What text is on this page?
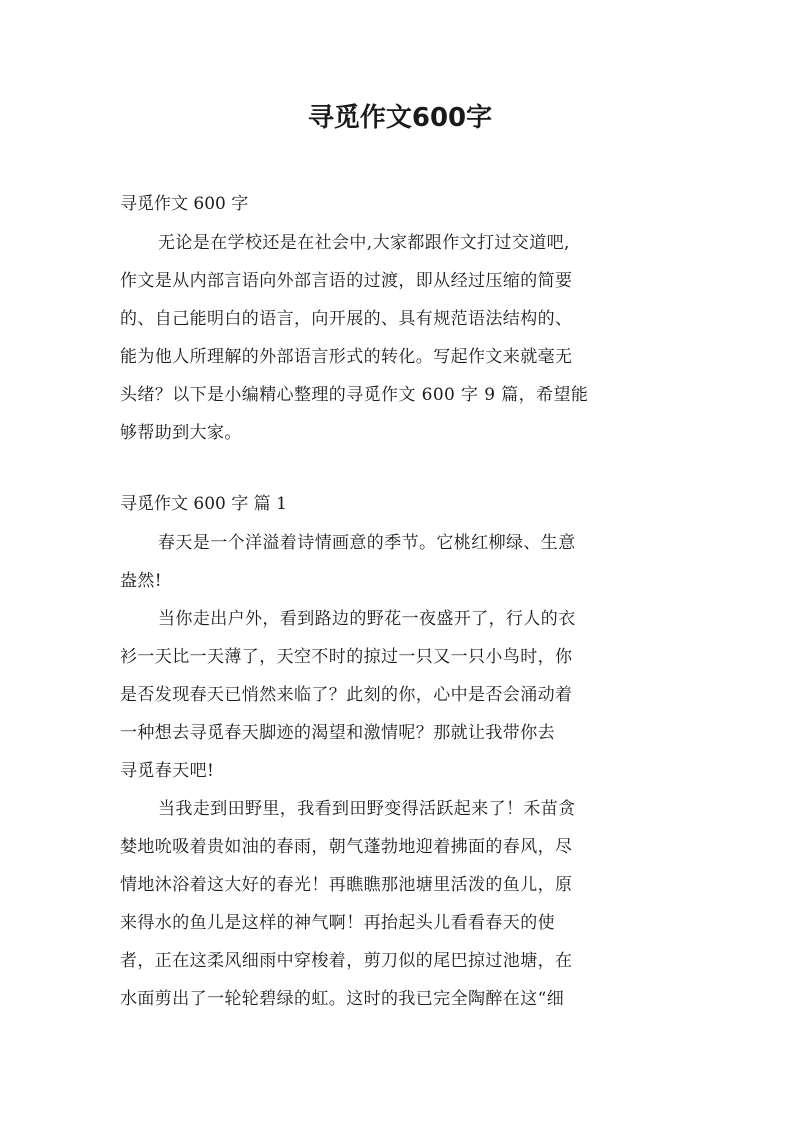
寻觅作文600字

寻觅作文 600 字

无论是在学校还是在社会中,大家都跟作文打过交道吧,
作文是从内部言语向外部言语的过渡，即从经过压缩的简要
的、自己能明白的语言，向开展的、具有规范语法结构的、
能为他人所理解的外部语言形式的转化。写起作文来就毫无
头绪？以下是小编精心整理的寻觅作文 600 字 9 篇，希望能
够帮助到大家。

寻觅作文 600 字 篇 1

春天是一个洋溢着诗情画意的季节。它桃红柳绿、生意
盎然!
当你走出户外，看到路边的野花一夜盛开了，行人的衣
衫一天比一天薄了，天空不时的掠过一只又一只小鸟时，你
是否发现春天已悄然来临了？此刻的你，心中是否会涌动着
一种想去寻觅春天脚迹的渴望和激情呢？那就让我带你去
寻觅春天吧!
当我走到田野里，我看到田野变得活跃起来了！禾苗贪
婪地吮吸着贵如油的春雨，朝气蓬勃地迎着拂面的春风，尽
情地沐浴着这大好的春光！再瞧瞧那池塘里活泼的鱼儿，原
来得水的鱼儿是这样的神气啊！再抬起头儿看看春天的使
者，正在这柔风细雨中穿梭着，剪刀似的尾巴掠过池塘，在
水面剪出了一轮轮碧绿的虹。这时的我已完全陶醉在这“细
